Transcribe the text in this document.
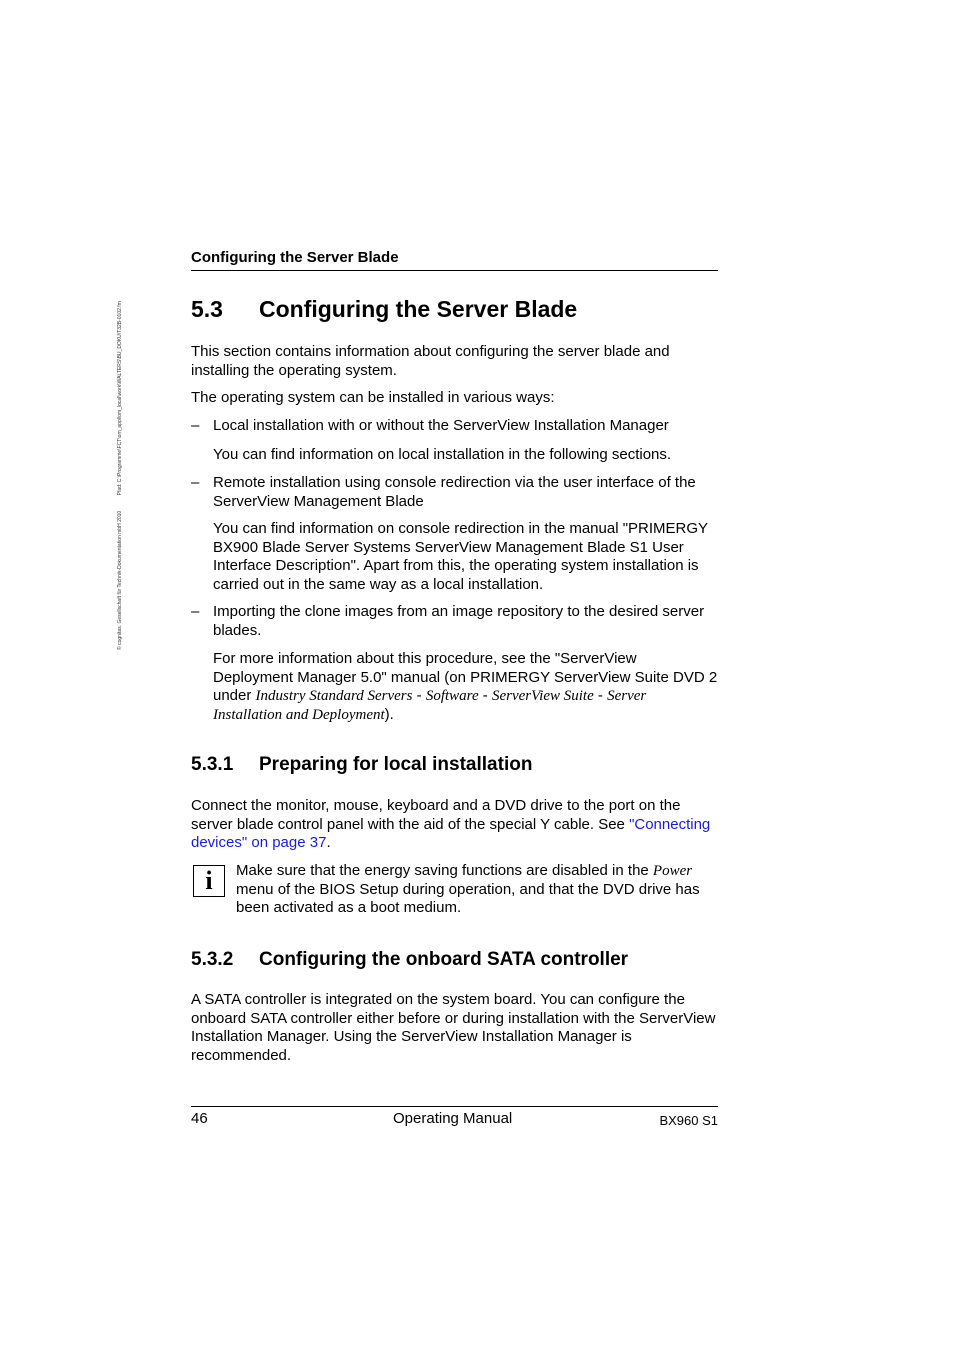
© cognitas. Gesellschaft für Technik-Dokumentation mbH 2010 Pfad: C:\Programme\FCT\om_appl\om_local\work\WALTERS\BU_DOKU\T32B-0102.fm
Configuring the Server Blade
5.3 Configuring the Server Blade

This section contains information about configuring the server blade and installing the operating system.

The operating system can be installed in various ways:

– Local installation with or without the ServerView Installation Manager

You can find information on local installation in the following sections.

– Remote installation using console redirection via the user interface of the ServerView Management Blade

You can find information on console redirection in the manual "PRIMERGY BX900 Blade Server Systems ServerView Management Blade S1 User Interface Description". Apart from this, the operating system installation is carried out in the same way as a local installation.

– Importing the clone images from an image repository to the desired server blades.

For more information about this procedure, see the "ServerView Deployment Manager 5.0" manual (on PRIMERGY ServerView Suite DVD 2 under Industry Standard Servers - Software - ServerView Suite - Server Installation and Deployment).

5.3.1 Preparing for local installation

Connect the monitor, mouse, keyboard and a DVD drive to the port on the server blade control panel with the aid of the special Y cable. See "Connecting devices" on page 37.

i	Make sure that the energy saving functions are disabled in the Power menu of the BIOS Setup during operation, and that the DVD drive has been activated as a boot medium.

5.3.2 Configuring the onboard SATA controller

A SATA controller is integrated on the system board. You can configure the onboard SATA controller either before or during installation with the ServerView Installation Manager. Using the ServerView Installation Manager is recommended.

46	Operating Manual	BX960 S1
